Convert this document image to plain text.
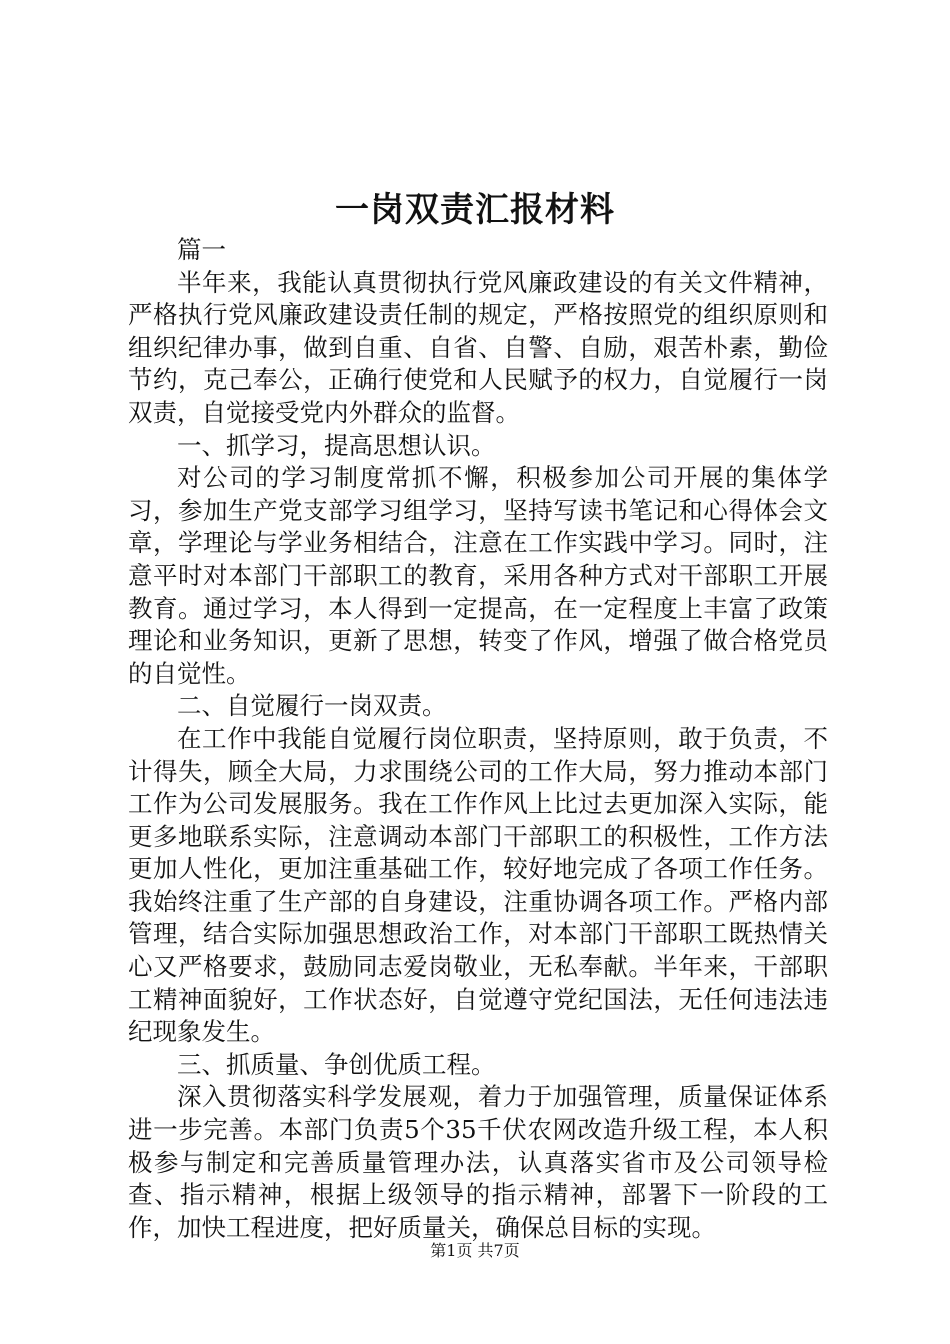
一岗双责汇报材料

篇一

半年来，我能认真贯彻执行党风廉政建设的有关文件精神，严格执行党风廉政建设责任制的规定，严格按照党的组织原则和组织纪律办事，做到自重、自省、自警、自励，艰苦朴素，勤俭节约，克己奉公，正确行使党和人民赋予的权力，自觉履行一岗双责，自觉接受党内外群众的监督。

一、抓学习，提高思想认识。

对公司的学习制度常抓不懈，积极参加公司开展的集体学习，参加生产党支部学习组学习，坚持写读书笔记和心得体会文章，学理论与学业务相结合，注意在工作实践中学习。同时，注意平时对本部门干部职工的教育，采用各种方式对干部职工开展教育。通过学习，本人得到一定提高，在一定程度上丰富了政策理论和业务知识，更新了思想，转变了作风，增强了做合格党员的自觉性。

二、自觉履行一岗双责。

在工作中我能自觉履行岗位职责，坚持原则，敢于负责，不计得失，顾全大局，力求围绕公司的工作大局，努力推动本部门工作为公司发展服务。我在工作作风上比过去更加深入实际，能更多地联系实际，注意调动本部门干部职工的积极性，工作方法更加人性化，更加注重基础工作，较好地完成了各项工作任务。我始终注重了生产部的自身建设，注重协调各项工作。严格内部管理，结合实际加强思想政治工作，对本部门干部职工既热情关心又严格要求，鼓励同志爱岗敬业，无私奉献。半年来，干部职工精神面貌好，工作状态好，自觉遵守党纪国法，无任何违法违纪现象发生。

三、抓质量、争创优质工程。

深入贯彻落实科学发展观，着力于加强管理，质量保证体系进一步完善。本部门负责5个35千伏农网改造升级工程，本人积极参与制定和完善质量管理办法，认真落实省市及公司领导检查、指示精神，根据上级领导的指示精神，部署下一阶段的工作，加快工程进度，把好质量关，确保总目标的实现。

第1页 共7页
